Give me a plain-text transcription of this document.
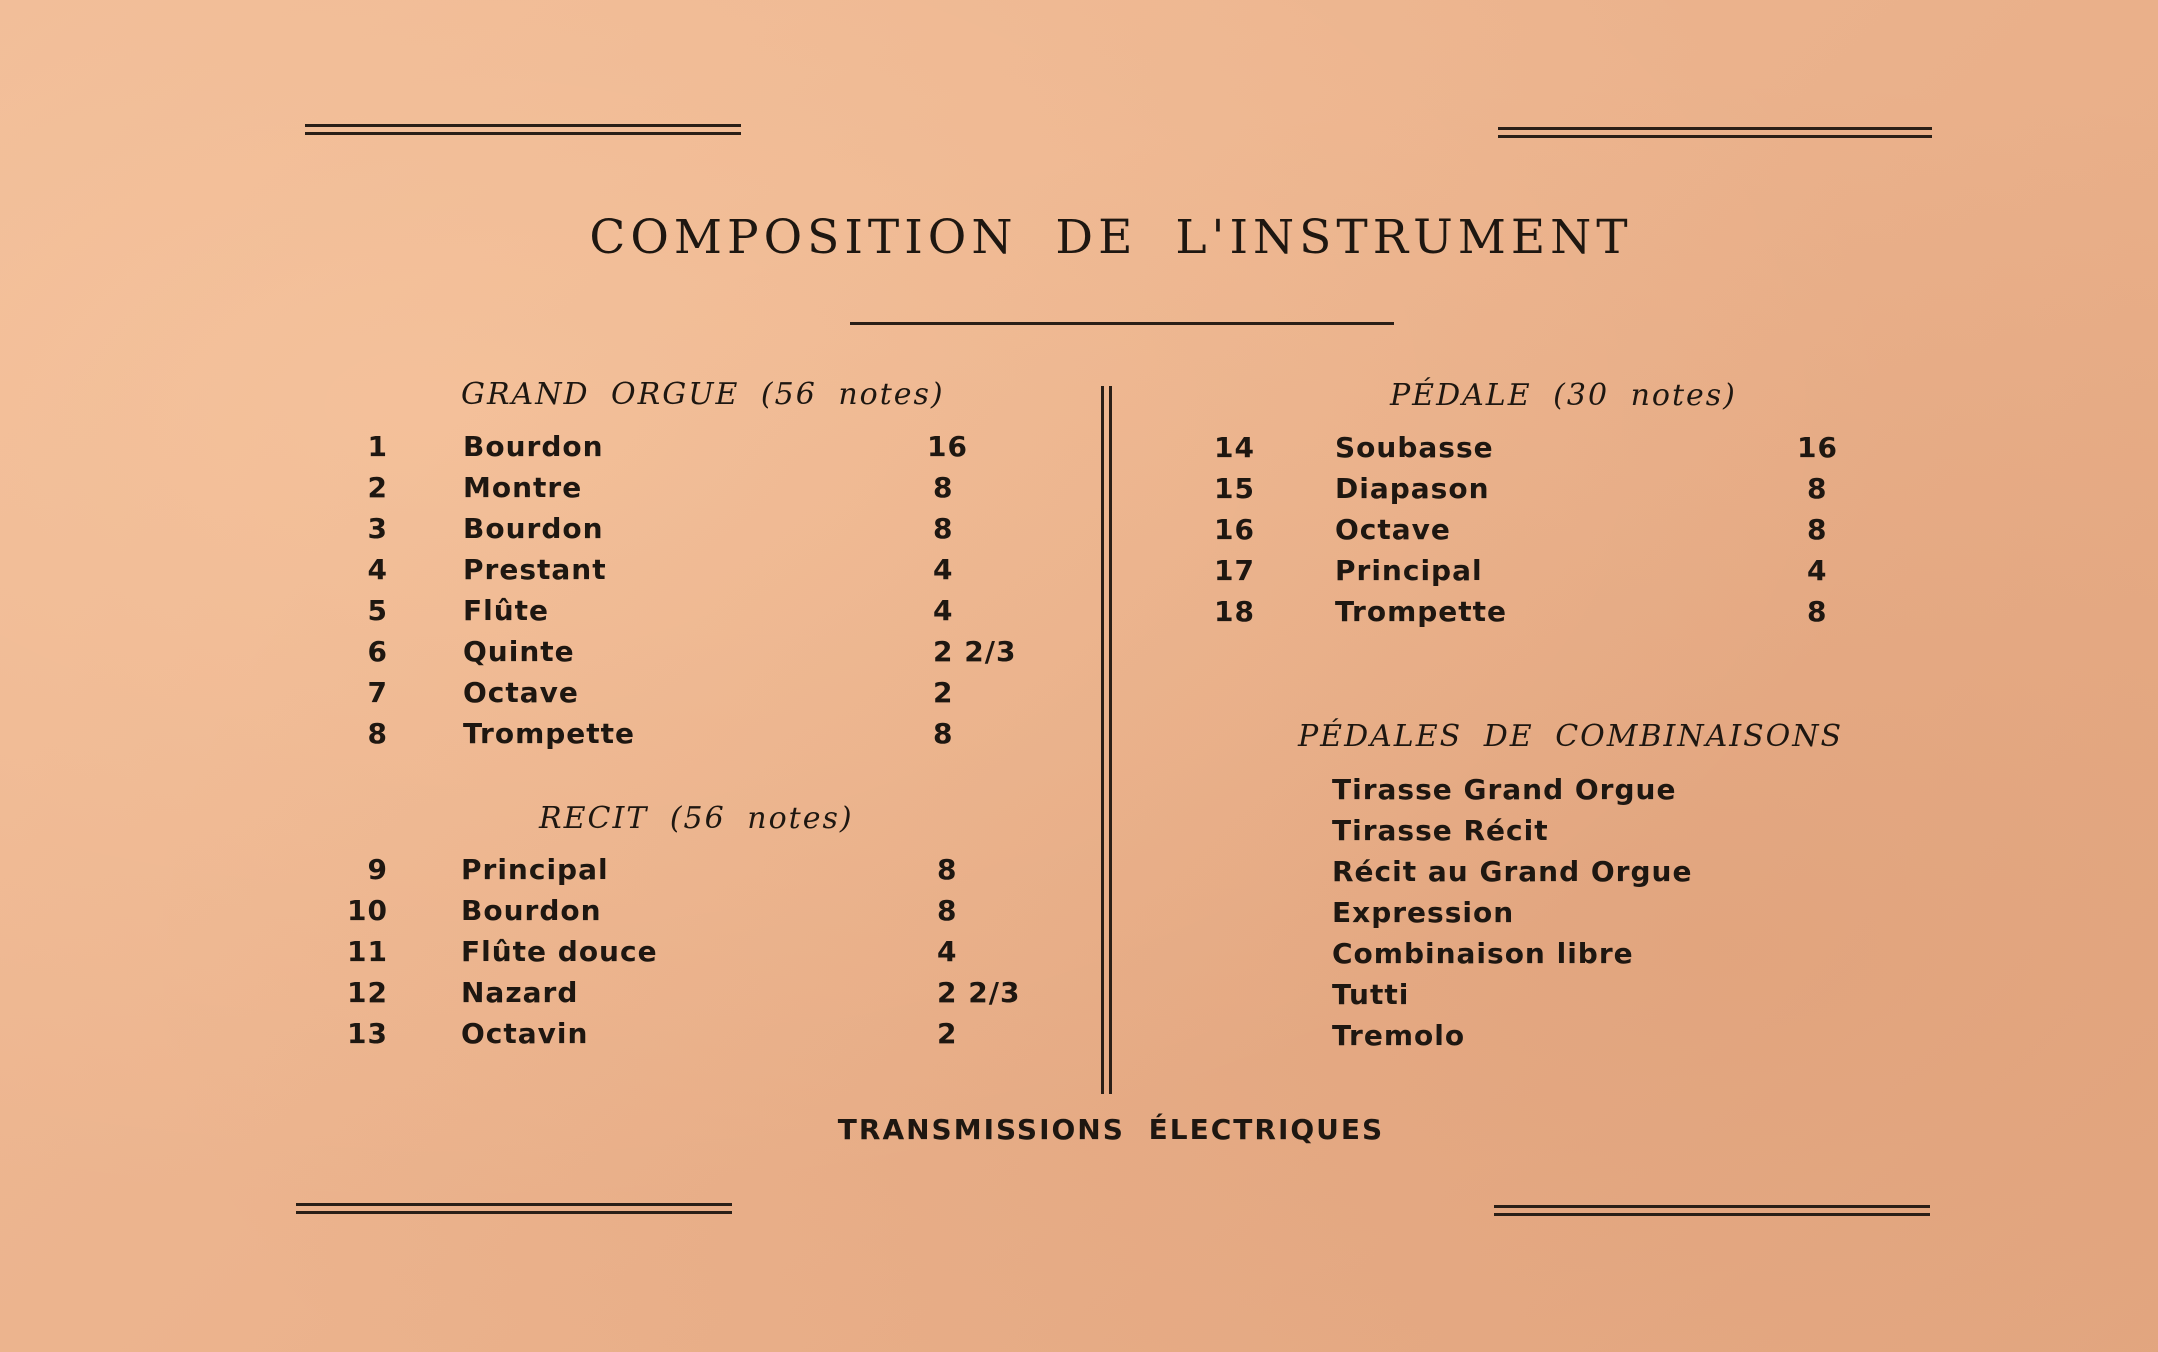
COMPOSITION DE L'INSTRUMENT
GRAND ORGUE (56 notes)
1	Bourdon	16
2	Montre	8
3	Bourdon	8
4	Prestant	4
5	Flûte	4
6	Quinte	2 2/3
7	Octave	2
8	Trompette	8
RECIT (56 notes)
9	Principal	8
10	Bourdon	8
11	Flûte douce	4
12	Nazard	2 2/3
13	Octavin	2
PÉDALE (30 notes)
14	Soubasse	16
15	Diapason	8
16	Octave	8
17	Principal	4
18	Trompette	8
PÉDALES DE COMBINAISONS
Tirasse Grand Orgue
Tirasse Récit
Récit au Grand Orgue
Expression
Combinaison libre
Tutti
Tremolo

TRANSMISSIONS ÉLECTRIQUES
